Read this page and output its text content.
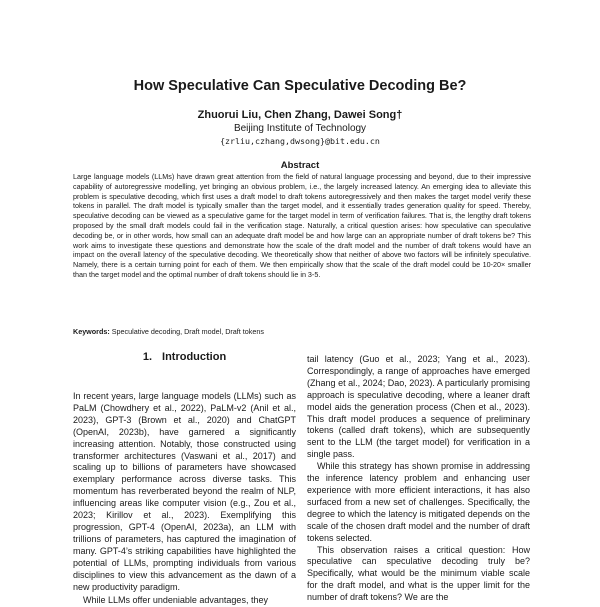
How Speculative Can Speculative Decoding Be?
Zhuorui Liu, Chen Zhang, Dawei Song†
Beijing Institute of Technology
{zrliu,czhang,dwsong}@bit.edu.cn
Abstract

Large language models (LLMs) have drawn great attention from the field of natural language processing and beyond, due to their impressive capability of autoregressive modelling, yet bringing an obvious problem, i.e., the largely increased latency. An emerging idea to alleviate this problem is speculative decoding, which first uses a draft model to draft tokens autoregressively and then makes the target model verify these tokens in parallel. The draft model is typically smaller than the target model, and it essentially trades generation quality for speed. Thereby, speculative decoding can be viewed as a speculative game for the target model in term of verification failures. That is, the lengthy draft tokens proposed by the small draft models could fail in the verification stage. Naturally, a critical question arises: how speculative can speculative decoding be, or in other words, how small can an adequate draft model be and how large can an appropriate number of draft tokens be? This work aims to investigate these questions and demonstrate how the scale of the draft model and the number of draft tokens would have an impact on the overall latency of the speculative decoding. We theoretically show that neither of above two factors will be infinitely speculative. Namely, there is a certain turning point for each of them. We then empirically show that the scale of the draft model could be 10-20× smaller than the target model and the optimal number of draft tokens should lie in 3-5.

Keywords: Speculative decoding, Draft model, Draft tokens
1. Introduction

In recent years, large language models (LLMs) such as PaLM (Chowdhery et al., 2022), PaLM-v2 (Anil et al., 2023), GPT-3 (Brown et al., 2020) and ChatGPT (OpenAI, 2023b), have garnered a significantly increasing attention. Notably, those constructed using transformer architectures (Vaswani et al., 2017) and scaling up to billions of parameters have showcased exemplary performance across diverse tasks. This momentum has reverberated beyond the realm of NLP, influencing areas like computer vision (e.g., Zou et al., 2023; Kirillov et al., 2023). Exemplifying this progression, GPT-4 (OpenAI, 2023a), an LLM with trillions of parameters, has captured the imagination of many. GPT-4’s striking capabilities have highlighted the potential of LLMs, prompting individuals from various disciplines to view this advancement as the dawn of a new productivity paradigm.

While LLMs offer undeniable advantages, they

tail latency (Guo et al., 2023; Yang et al., 2023). Correspondingly, a range of approaches have emerged (Zhang et al., 2024; Dao, 2023). A particularly promising approach is speculative decoding, where a leaner draft model aids the generation process (Chen et al., 2023). This draft model produces a sequence of preliminary tokens (called draft tokens), which are subsequently sent to the LLM (the target model) for verification in a single pass.

While this strategy has shown promise in addressing the inference latency problem and enhancing user experience with more efficient interactions, it has also surfaced from a new set of challenges. Specifically, the degree to which the latency is mitigated depends on the scale of the chosen draft model and the number of draft tokens selected.

This observation raises a critical question: How speculative can speculative decoding truly be? Specifically, what would be the minimum viable scale for the draft model, and what is the upper limit for the number of draft tokens? We are the
